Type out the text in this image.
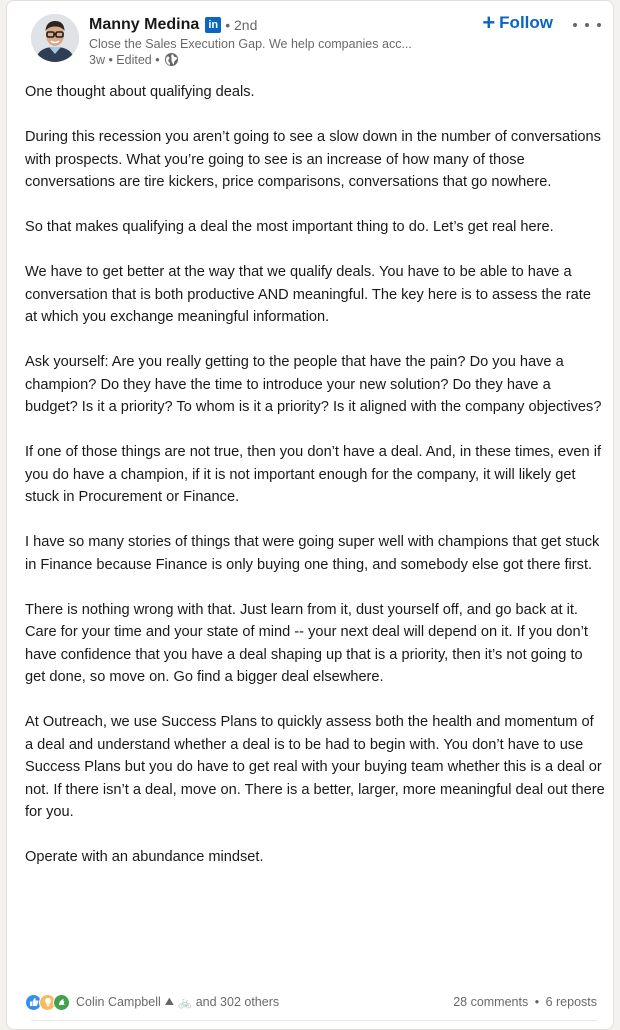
Manny Medina in • 2nd
Close the Sales Execution Gap. We help companies acc...
3w • Edited •
+ Follow

One thought about qualifying deals.

During this recession you aren’t going to see a slow down in the number of conversations with prospects. What you’re going to see is an increase of how many of those conversations are tire kickers, price comparisons, conversations that go nowhere.

So that makes qualifying a deal the most important thing to do. Let’s get real here.

We have to get better at the way that we qualify deals. You have to be able to have a conversation that is both productive AND meaningful. The key here is to assess the rate at which you exchange meaningful information.

Ask yourself: Are you really getting to the people that have the pain? Do you have a champion? Do they have the time to introduce your new solution? Do they have a budget? Is it a priority? To whom is it a priority? Is it aligned with the company objectives?

If one of those things are not true, then you don’t have a deal. And, in these times, even if you do have a champion, if it is not important enough for the company, it will likely get stuck in Procurement or Finance.

I have so many stories of things that were going super well with champions that get stuck in Finance because Finance is only buying one thing, and somebody else got there first.

There is nothing wrong with that. Just learn from it, dust yourself off, and go back at it. Care for your time and your state of mind -- your next deal will depend on it. If you don’t have confidence that you have a deal shaping up that is a priority, then it’s not going to get done, so move on. Go find a bigger deal elsewhere.

At Outreach, we use Success Plans to quickly assess both the health and momentum of a deal and understand whether a deal is to be had to begin with. You don’t have to use Success Plans but you do have to get real with your buying team whether this is a deal or not. If there isn’t a deal, move on. There is a better, larger, more meaningful deal out there for you.

Operate with an abundance mindset.

Colin Campbell ⛰ 🚲 and 302 others	28 comments • 6 reposts
